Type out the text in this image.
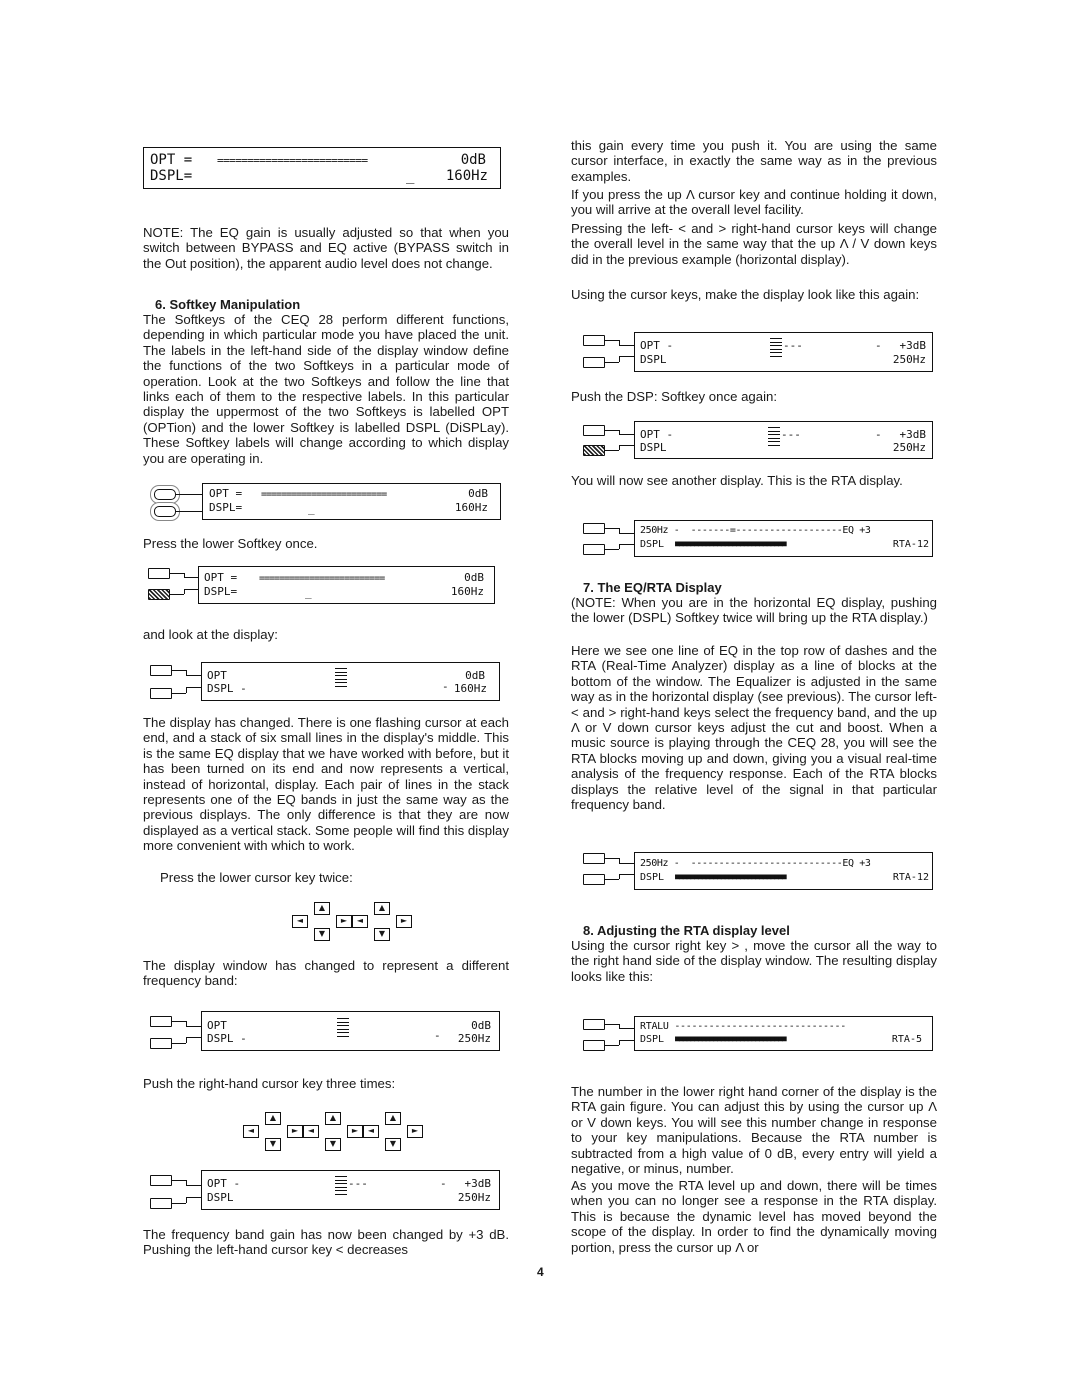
OPT = =========================	0dB
DSPL=	_ 160Hz

NOTE: The EQ gain is usually adjusted so that when you switch between BYPASS and EQ active (BYPASS switch in the Out position), the apparent audio level does not change.

6. Softkey Manipulation

The Softkeys of the CEQ 28 perform different functions, depending in which particular mode you have placed the unit. The labels in the left-hand side of the display window define the functions of the two Softkeys in a particular mode of operation. Look at the two Softkeys and follow the line that links each of them to the respective labels. In this particular display the uppermost of the two Softkeys is labelled OPT (OPTion) and the lower Softkey is labelled DSPL (DiSPLay). These Softkey labels will change according to which display you are operating in.

OPT = =========================	0dB
DSPL=	_	160Hz

Press the lower Softkey once.

OPT = =========================	0dB
DSPL=	_	160Hz

and look at the display:

OPT	0dB
DSPL -	- 160Hz

The display has changed. There is one flashing cursor at each end, and a stack of six small lines in the display's middle. This is the same EQ display that we have worked with before, but it has been turned on its end and now represents a vertical, instead of horizontal, display. Each pair of lines in the stack represents one of the EQ bands in just the same way as the previous displays. The only difference is that they are now displayed as a vertical stack. Some people will find this display more convenient with which to work.

Press the lower cursor key twice:

▲
◄	►
▼
▲
◄	►
▼

The display window has changed to represent a different frequency band:

OPT	0dB
DSPL -	- 250Hz

Push the right-hand cursor key three times:

▲
◄	►
▼
▲
◄	►
▼
▲
◄	►
▼
OPT -	---	- +3dB
DSPL	250Hz

The frequency band gain has now been changed by +3 dB. Pushing the left-hand cursor key < decreases

this gain every time you push it. You are using the same cursor interface, in exactly the same way as in the previous examples.

If you press the up Λ cursor key and continue holding it down, you will arrive at the overall level facility.

Pressing the left- < and > right-hand cursor keys will change the overall level in the same way that the up Λ / V down keys did in the previous example (horizontal display).

Using the cursor keys, make the display look like this again:

OPT -	---	- +3dB
DSPL	250Hz

Push the DSP: Softkey once again:

OPT -	---	- +3dB
DSPL	250Hz

You will now see another display. This is the RTA display.

250Hz -  -------=-------------------EQ +3
DSPL ■■■■■■■■■■■■■■■■■■■■■■■■■■■■■	RTA-12
7. The EQ/RTA Display

(NOTE: When you are in the horizontal EQ display, pushing the lower (DSPL) Softkey twice will bring up the RTA display.)

Here we see one line of EQ in the top row of dashes and the RTA (Real-Time Analyzer) display as a line of blocks at the bottom of the window. The Equalizer is adjusted in the same way as in the horizontal display (see previous). The cursor left- < and > right-hand keys select the frequency band, and the up Λ or V down cursor keys adjust the cut and boost. When a music source is playing through the CEQ 28, you will see the RTA blocks moving up and down, giving you a visual real-time analysis of the frequency response. Each of the RTA blocks displays the relative level of the signal in that particular frequency band.

250Hz -  ---------------------------EQ +3
DSPL ■■■■■■■■■■■■■■■■■■■■■■■■■■■■■	RTA-12
8. Adjusting the RTA display level

Using the cursor right key > , move the cursor all the way to the right hand side of the display window. The resulting display looks like this:

RTALU ------------------------------
DSPL ■■■■■■■■■■■■■■■■■■■■■■■■■■■■■	RTA-5

The number in the lower right hand corner of the display is the RTA gain figure. You can adjust this by using the cursor up Λ or V down keys. You will see this number change in response to your key manipulations. Because the RTA number is subtracted from a high value of 0 dB, every entry will yield a negative, or minus, number.

As you move the RTA level up and down, there will be times when you can no longer see a response in the RTA display. This is because the dynamic level has moved beyond the scope of the display. In order to find the dynamically moving portion, press the cursor up Λ or

4
